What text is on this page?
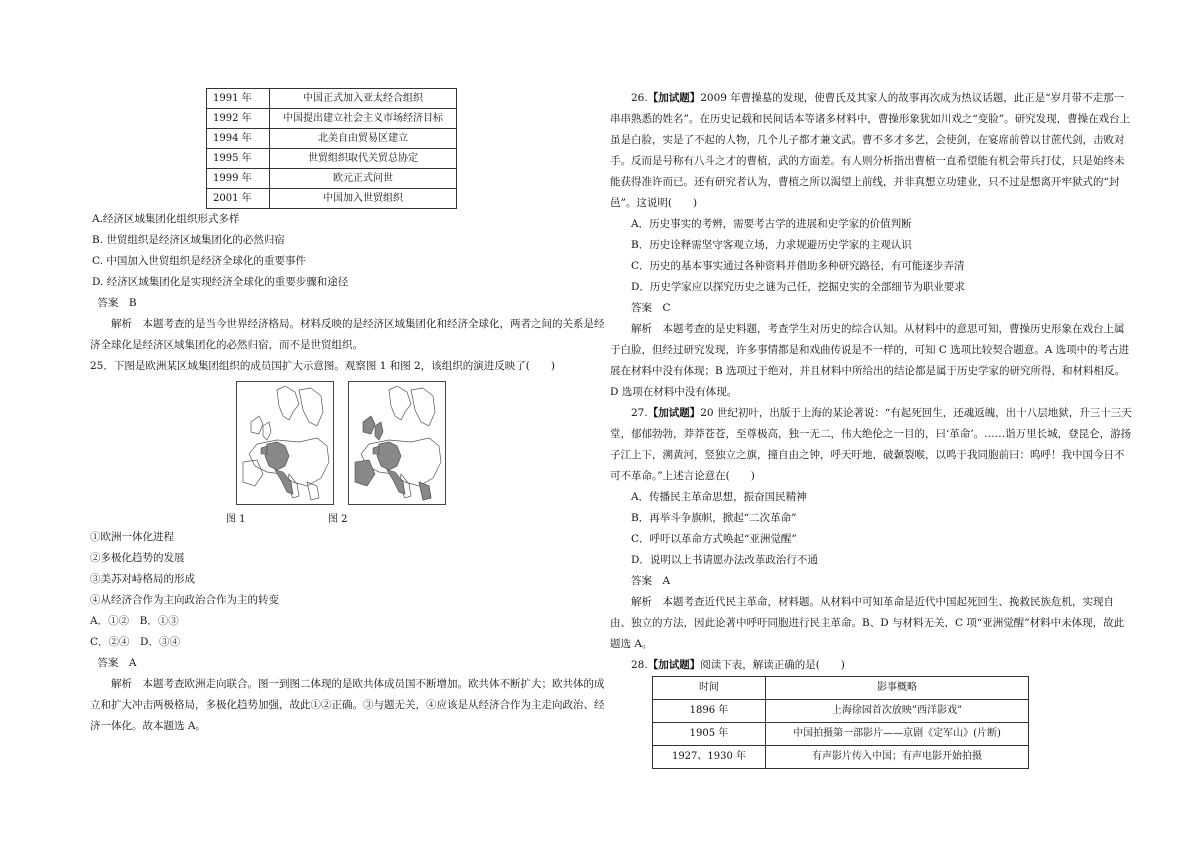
1991 年	中国正式加入亚太经合组织
1992 年	中国提出建立社会主义市场经济目标
1994 年	北美自由贸易区建立
1995 年	世贸组织取代关贸总协定
1999 年	欧元正式问世
2001 年	中国加入世贸组织

A.经济区域集团化组织形式多样

B. 世贸组织是经济区域集团化的必然归宿

C. 中国加入世贸组织是经济全球化的重要事件

D. 经济区域集团化是实现经济全球化的重要步骤和途径

答案　B

解析　本题考查的是当今世界经济格局。材料反映的是经济区域集团化和经济全球化，两者之间的关系是经济全球化是经济区域集团化的必然归宿，而不是世贸组织。

25．下图是欧洲某区域集团组织的成员国扩大示意图。观察图 1 和图 2，该组织的演进反映了(　　)

图 1	图 2

①欧洲一体化进程

②多极化趋势的发展

③美苏对峙格局的形成

④从经济合作为主向政治合作为主的转变

A．①②　B．①③

C．②④　D．③④

答案　A

解析　本题考查欧洲走向联合。图一到图二体现的是欧共体成员国不断增加。欧共体不断扩大；欧共体的成立和扩大冲击两极格局，多极化趋势加强，故此①②正确。③与题无关，④应该是从经济合作为主走向政治、经济一体化。故本题选 A。

26.【加试题】2009 年曹操墓的发现，使曹氏及其家人的故事再次成为热议话题，此正是“岁月带不走那一串串熟悉的姓名”。在历史记载和民间话本等诸多材料中，曹操形象犹如川戏之“变脸”。研究发现，曹操在戏台上虽是白脸，实是了不起的人物，几个儿子都才兼文武。曹不多才多艺，会使剑，在宴席前曾以甘蔗代剑，击败对手。反而是号称有八斗之才的曹植，武的方面差。有人则分析指出曹植一直希望能有机会带兵打仗，只是始终未能获得准许而已。还有研究者认为，曹植之所以渴望上前线，并非真想立功建业，只不过是想离开牢狱式的“封邑”。这说明(　　)

A．历史事实的考辨，需要考古学的进展和史学家的价值判断

B．历史诠释需坚守客观立场，力求规避历史学家的主观认识

C．历史的基本事实通过各种资料并借助多种研究路径，有可能逐步弄清

D．历史学家应以探究历史之谜为己任，挖掘史实的全部细节为职业要求

答案　C

解析　本题考查的是史料题，考查学生对历史的综合认知。从材料中的意思可知，曹操历史形象在戏台上属于白脸，但经过研究发现，许多事情都是和戏曲传说是不一样的，可知 C 选项比较契合题意。A 选项中的考古进展在材料中没有体现；B 选项过于绝对，并且材料中所给出的结论都是属于历史学家的研究所得，和材料相反。D 选项在材料中没有体现。

27.【加试题】20 世纪初叶，出版于上海的某论著说：“有起死回生，还魂返魄，出十八层地狱，升三十三天堂，郁郁勃勃，莽莽苍苍，至尊极高，独一无二，伟大绝伦之一目的，曰‘革命’。……诣万里长城，登昆仑，游扬子江上下，溯黄河，竖独立之旗，撞自由之钟，呼天吁地，破颡裂喉，以鸣于我同胞前曰：呜呼！我中国今日不可不革命。”上述言论意在(　　)

A．传播民主革命思想，振奋国民精神

B．再举斗争旗帜，掀起“二次革命”

C．呼吁以革命方式唤起“亚洲觉醒”

D．说明以上书请愿办法改革政治行不通

答案　A

解析　本题考查近代民主革命，材料题。从材料中可知革命是近代中国起死回生、挽救民族危机，实现自由、独立的方法，因此论著中呼吁同胞进行民主革命。B、D 与材料无关，C 项“亚洲觉醒”材料中未体现，故此题选 A。

28.【加试题】阅读下表，解读正确的是(　　)

时间	影事概略
1896 年	上海徐园首次放映”西洋影戏”
1905 年	中国拍摄第一部影片——京剧《定军山》(片断)
1927、1930 年	有声影片传入中国；有声电影开始拍摄
